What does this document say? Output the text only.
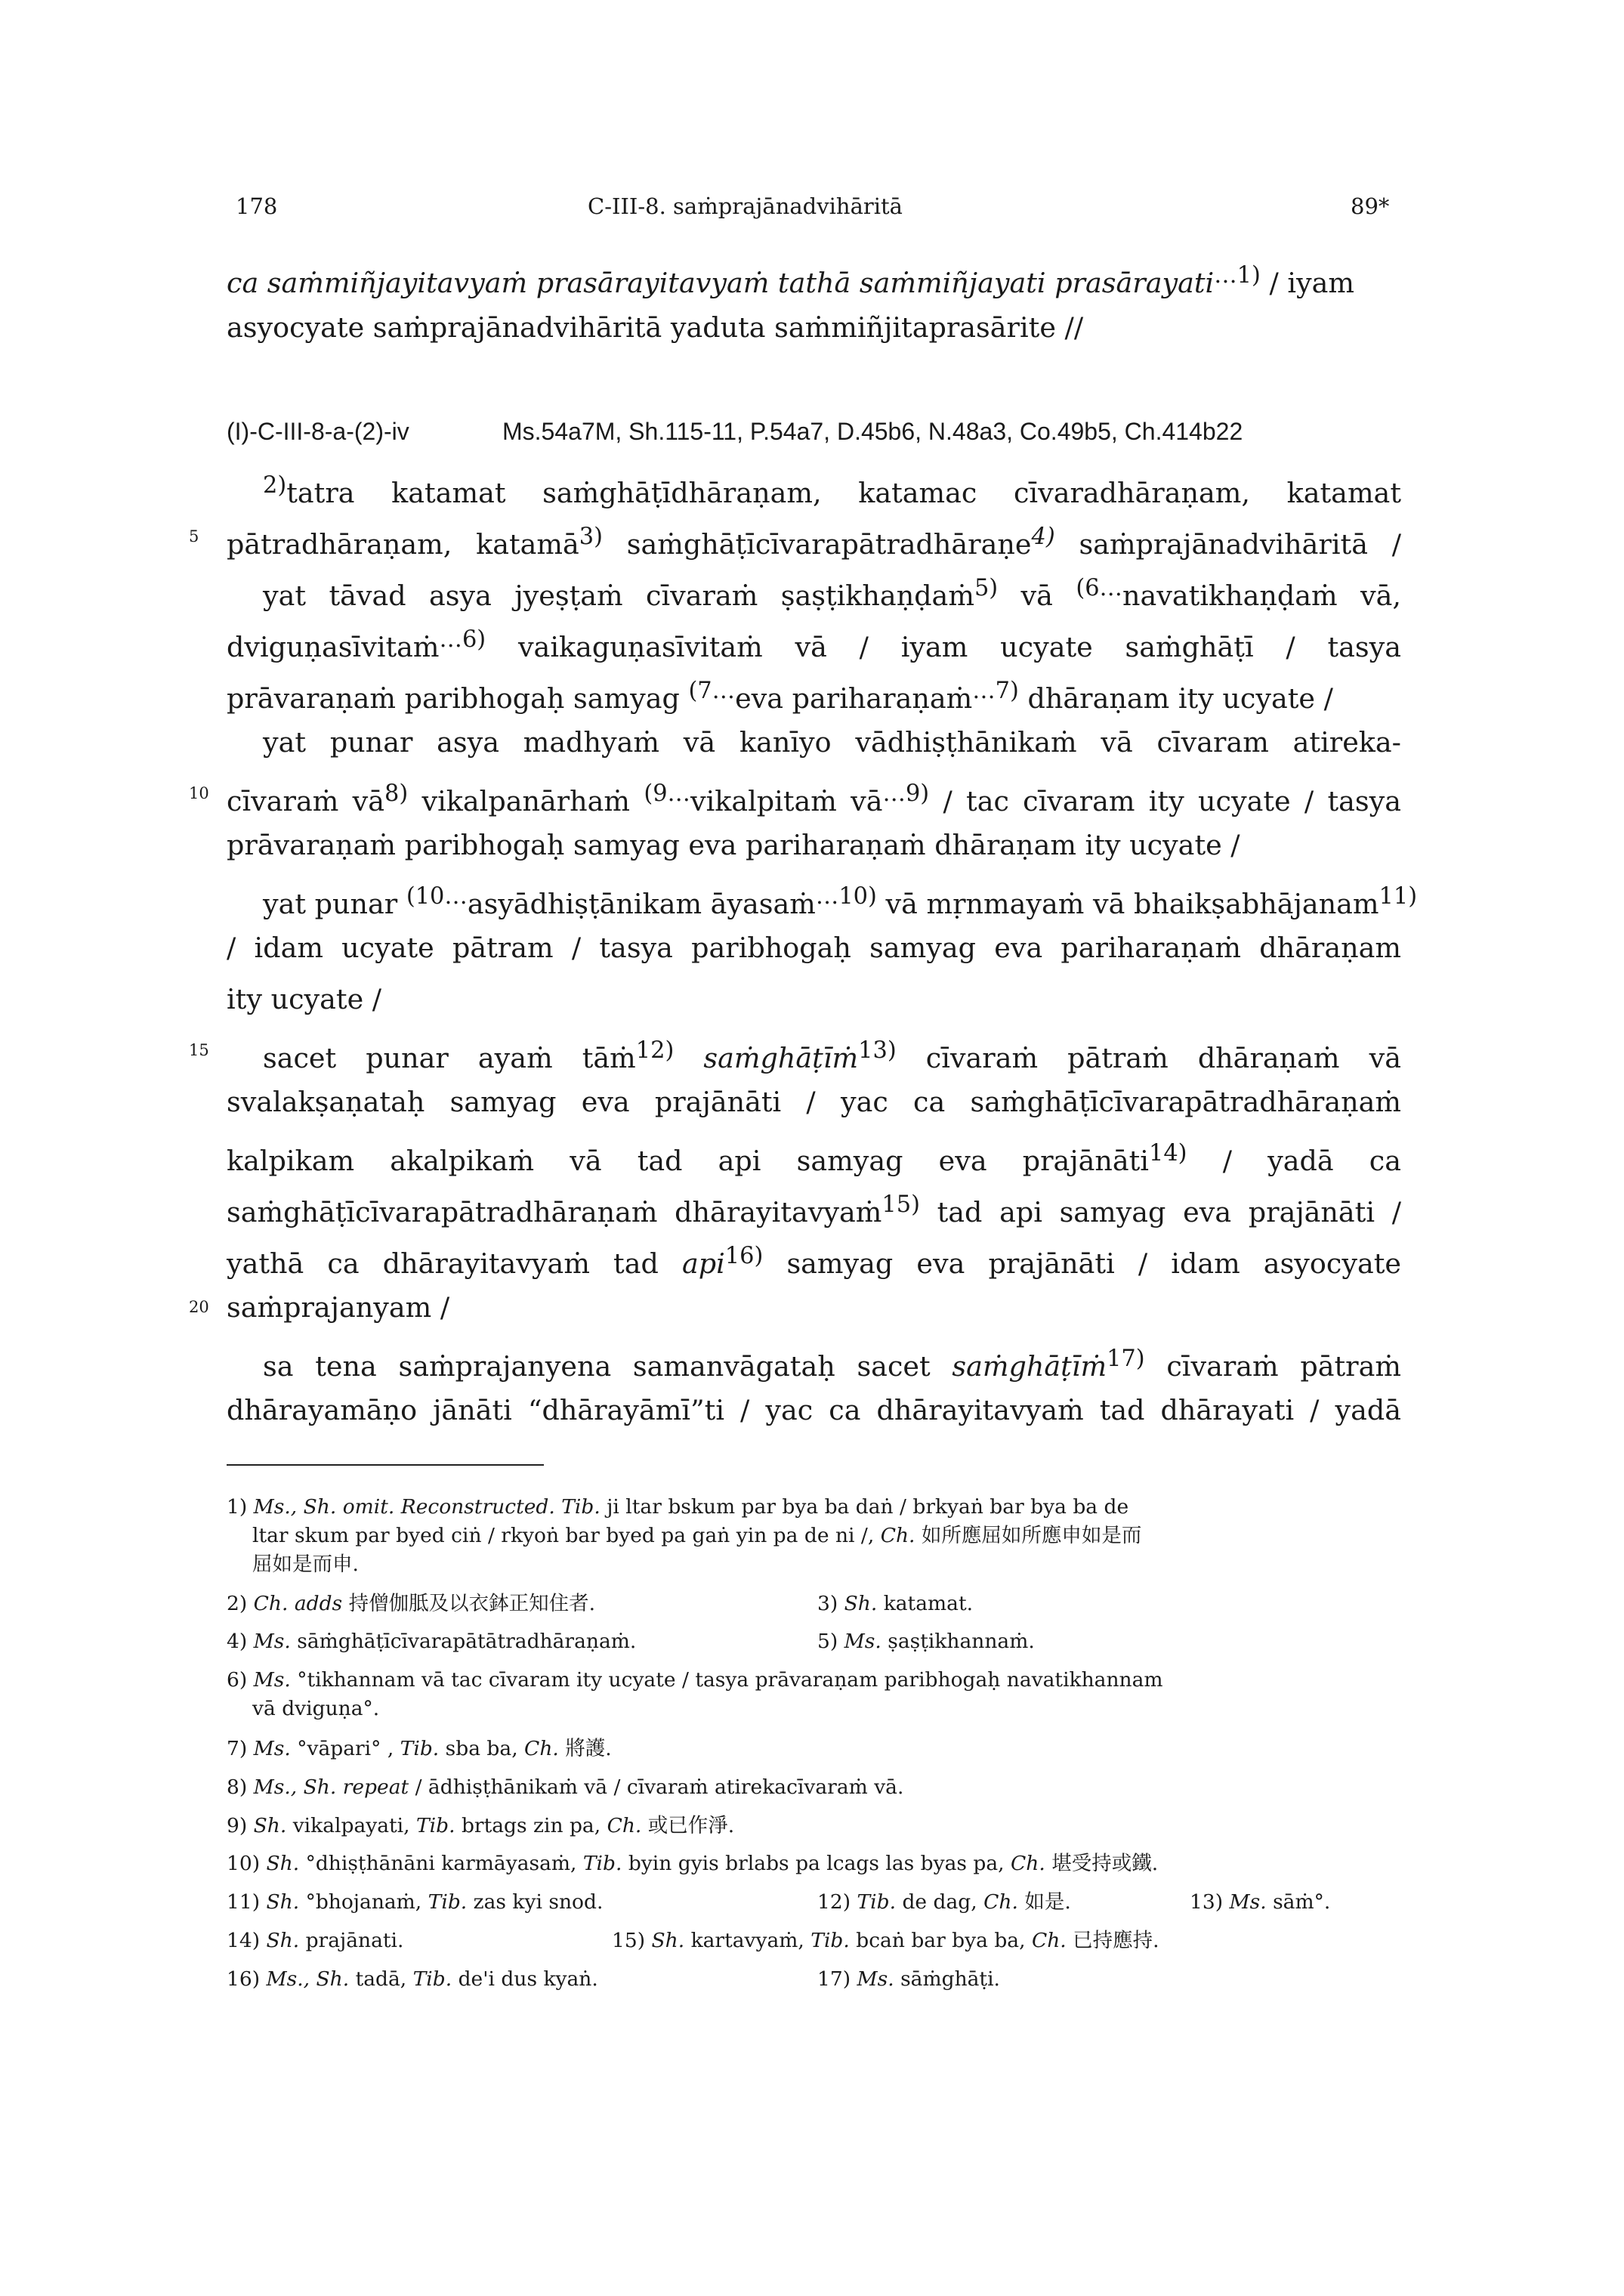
178	C-III-8. saṁprajānadvihāritā	89*
ca saṁmiñjayitavyaṁ prasārayitavyaṁ tathā saṁmiñjayati prasārayati$^{\dots 1)}$ / iyam
asyocyate saṁprajānadvihāritā yaduta saṁmiñjitaprasārite //
(I)-C-III-8-a-(2)-iv	Ms.54a7M, Sh.115-11, P.54a7, D.45b6, N.48a3, Co.49b5, Ch.414b22
$^{2)}$tatra katamat saṁghāṭīdhāraṇam, katamac cīvaradhāraṇam, katamat
5	pātradhāraṇam, katamā$^{3)}$ saṁghāṭīcīvarapātradhāraṇe$^{4)}$ saṁprajānadvihāritā /
yat tāvad asya jyeṣṭaṁ cīvaraṁ ṣaṣṭikhaṇḍaṁ$^{5)}$ vā $^{(6\dots}$navatikhaṇḍaṁ vā,
dviguṇasīvitaṁ$^{\dots 6)}$ vaikaguṇasīvitaṁ vā / iyam ucyate saṁghāṭī / tasya
prāvaraṇaṁ paribhogaḥ samyag $^{(7\dots}$eva pariharaṇaṁ$^{\dots 7)}$ dhāraṇam ity ucyate /
yat punar asya madhyaṁ vā kanīyo vādhiṣṭhānikaṁ vā cīvaram atireka-
10 cīvaraṁ $vā^{8)}$ vikalpanārhaṁ $^{(9\dots}$vikalpitaṁ $vā^{\dots 9)}$ / tac cīvaram ity ucyate / tasya
prāvaraṇaṁ paribhogaḥ samyag eva pariharaṇaṁ dhāraṇam ity ucyate /
yat punar $^{(10\dots}$asyādhiṣṭānikam āyasaṁ$^{\dots 10)}$ vā mṛnmayaṁ vā bhaikṣabhājanam$^{11)}$
/ idam ucyate pātram / tasya paribhogaḥ samyag eva pariharaṇaṁ dhāraṇam
ity ucyate /
15	sacet punar ayaṁ tāṁ$^{12)}$ saṁghāṭīṁ$^{13)}$ cīvaraṁ pātraṁ dhāraṇaṁ vā
svalakṣaṇataḥ samyag eva prajānāti / yac ca saṁghāṭīcīvarapātradhāraṇaṁ
kalpikam akalpikaṁ vā tad api samyag eva prajānāti$^{14)}$ / yadā ca
saṁghāṭīcīvarapātradhāraṇaṁ dhārayitavyaṁ$^{15)}$ tad api samyag eva prajānāti /
yathā ca dhārayitavyaṁ tad api$^{16)}$ samyag eva prajānāti / idam asyocyate
20 saṁprajanyam /
sa tena saṁprajanyena samanvāgataḥ sacet saṁghāṭīṁ$^{17)}$ cīvaraṁ pātraṁ
dhārayamāṇo jānāti “dhārayāmī”ti / yac ca dhārayitavyaṁ tad dhārayati / yadā
1) Ms., Sh. omit. Reconstructed. Tib. ji ltar bskum par bya ba daṅ / brkyaṅ bar bya ba de
ltar skum par byed ciṅ / rkyoṅ bar byed pa gaṅ yin pa de ni /, Ch. 如所應屈如所應申如是而
屈如是而申.
2) Ch. adds 持僧伽胝及以衣鉢正知住者.	3) Sh. katamat.
4) Ms. sāṁghāṭīcīvarapātātradhāraṇaṁ.	5) Ms. ṣaṣṭikhannaṁ.
6) Ms. °tikhannam vā tac cīvaram ity ucyate / tasya prāvaraṇam paribhogaḥ navatikhannam
vā dviguṇa°.
7) Ms. °vāpari° , Tib. sba ba, Ch. 將護.
8) Ms., Sh. repeat / ādhiṣṭhānikaṁ vā / cīvaraṁ atirekacīvaraṁ vā.
9) Sh. vikalpayati, Tib. brtags zin pa, Ch. 或已作淨.
10) Sh. °dhiṣṭhānāni karmāyasaṁ, Tib. byin gyis brlabs pa lcags las byas pa, Ch. 堪受持或鐵.
11) Sh. °bhojanaṁ, Tib. zas kyi snod.	12) Tib. de dag, Ch. 如是.	13) Ms. sāṁ°.
14) Sh. prajānati.	15) Sh. kartavyaṁ, Tib. bcaṅ bar bya ba, Ch. 已持應持.
16) Ms., Sh. tadā, Tib. de'i dus kyaṅ.	17) Ms. sāṁghāṭi.
